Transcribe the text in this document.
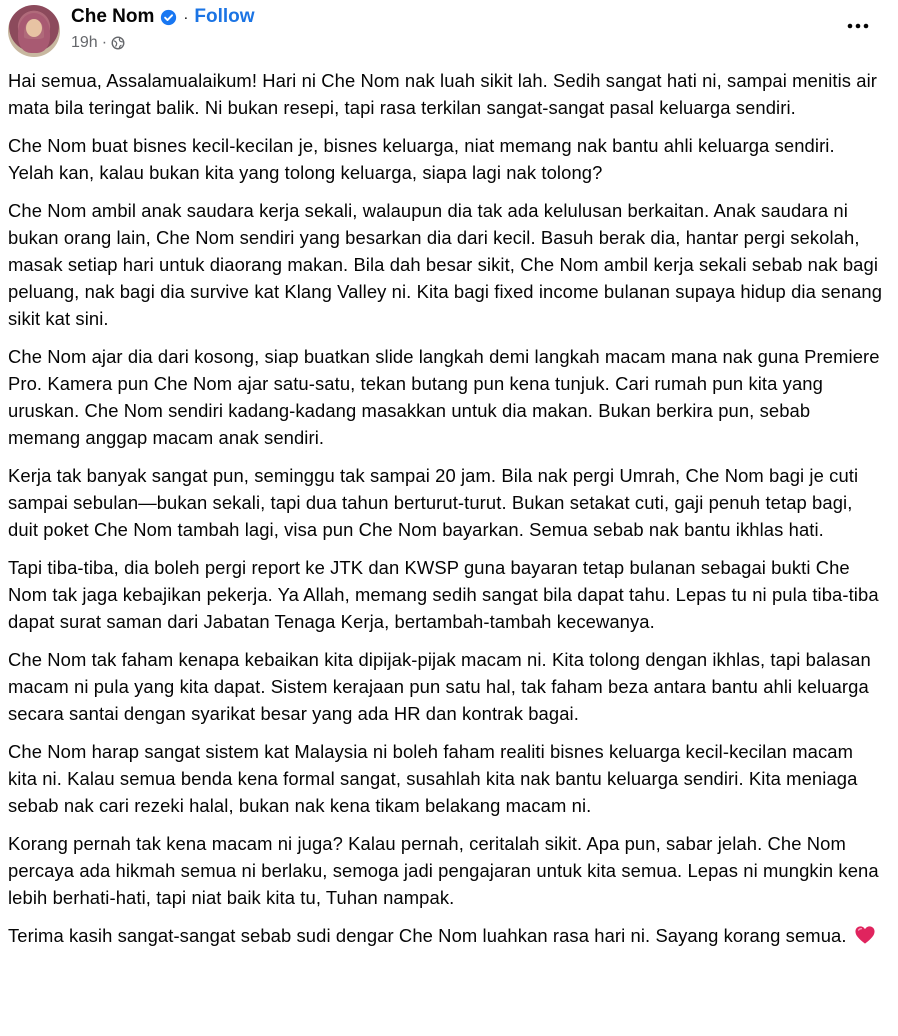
Che Nom · Follow
19h ·

Hai semua, Assalamualaikum! Hari ni Che Nom nak luah sikit lah. Sedih sangat hati ni, sampai menitis air mata bila teringat balik. Ni bukan resepi, tapi rasa terkilan sangat-sangat pasal keluarga sendiri.

Che Nom buat bisnes kecil-kecilan je, bisnes keluarga, niat memang nak bantu ahli keluarga sendiri. Yelah kan, kalau bukan kita yang tolong keluarga, siapa lagi nak tolong?

Che Nom ambil anak saudara kerja sekali, walaupun dia tak ada kelulusan berkaitan. Anak saudara ni bukan orang lain, Che Nom sendiri yang besarkan dia dari kecil. Basuh berak dia, hantar pergi sekolah, masak setiap hari untuk diaorang makan. Bila dah besar sikit, Che Nom ambil kerja sekali sebab nak bagi peluang, nak bagi dia survive kat Klang Valley ni. Kita bagi fixed income bulanan supaya hidup dia senang sikit kat sini.

Che Nom ajar dia dari kosong, siap buatkan slide langkah demi langkah macam mana nak guna Premiere Pro. Kamera pun Che Nom ajar satu-satu, tekan butang pun kena tunjuk. Cari rumah pun kita yang uruskan. Che Nom sendiri kadang-kadang masakkan untuk dia makan. Bukan berkira pun, sebab memang anggap macam anak sendiri.

Kerja tak banyak sangat pun, seminggu tak sampai 20 jam. Bila nak pergi Umrah, Che Nom bagi je cuti sampai sebulan—bukan sekali, tapi dua tahun berturut-turut. Bukan setakat cuti, gaji penuh tetap bagi, duit poket Che Nom tambah lagi, visa pun Che Nom bayarkan. Semua sebab nak bantu ikhlas hati.

Tapi tiba-tiba, dia boleh pergi report ke JTK dan KWSP guna bayaran tetap bulanan sebagai bukti Che Nom tak jaga kebajikan pekerja. Ya Allah, memang sedih sangat bila dapat tahu. Lepas tu ni pula tiba-tiba dapat surat saman dari Jabatan Tenaga Kerja, bertambah-tambah kecewanya.

Che Nom tak faham kenapa kebaikan kita dipijak-pijak macam ni. Kita tolong dengan ikhlas, tapi balasan macam ni pula yang kita dapat. Sistem kerajaan pun satu hal, tak faham beza antara bantu ahli keluarga secara santai dengan syarikat besar yang ada HR dan kontrak bagai.

Che Nom harap sangat sistem kat Malaysia ni boleh faham realiti bisnes keluarga kecil-kecilan macam kita ni. Kalau semua benda kena formal sangat, susahlah kita nak bantu keluarga sendiri. Kita meniaga sebab nak cari rezeki halal, bukan nak kena tikam belakang macam ni.

Korang pernah tak kena macam ni juga? Kalau pernah, ceritalah sikit. Apa pun, sabar jelah. Che Nom percaya ada hikmah semua ni berlaku, semoga jadi pengajaran untuk kita semua. Lepas ni mungkin kena lebih berhati-hati, tapi niat baik kita tu, Tuhan nampak.

Terima kasih sangat-sangat sebab sudi dengar Che Nom luahkan rasa hari ni. Sayang korang semua.
